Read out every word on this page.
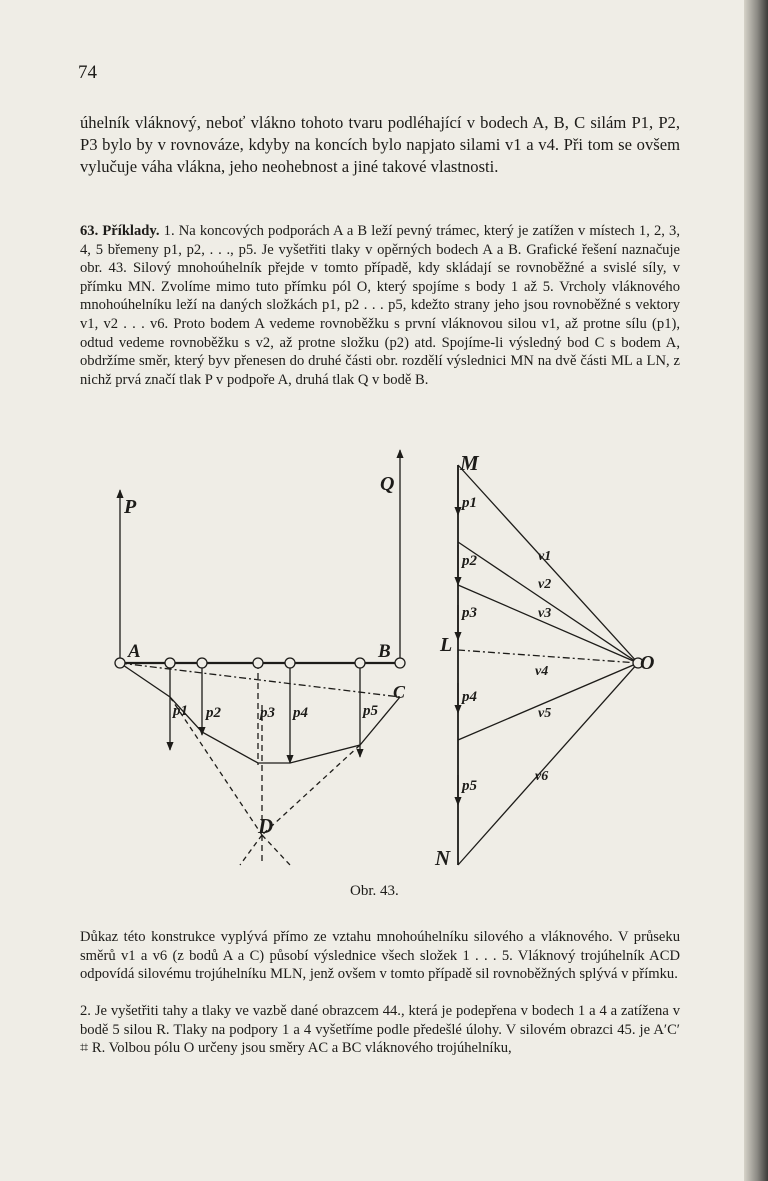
74

úhelník vláknový, neboť vlákno tohoto tvaru podléhající v bodech A, B, C silám P1, P2, P3 bylo by v rovnováze, kdyby na koncích bylo napjato silami v1 a v4. Při tom se ovšem vylučuje váha vlákna, jeho neohebnost a jiné takové vlastnosti.

63. Příklady. 1. Na koncových podporách A a B leží pevný trámec, který je zatížen v místech 1, 2, 3, 4, 5 břemeny p1, p2, . . ., p5. Je vyšetřiti tlaky v opěrných bodech A a B. Grafické řešení naznačuje obr. 43. Silový mnohoúhelník přejde v tomto případě, kdy skládají se rovnoběžné a svislé síly, v přímku MN. Zvolíme mimo tuto přímku pól O, který spojíme s body 1 až 5. Vrcholy vláknového mnohoúhelníku leží na daných složkách p1, p2 . . . p5, kdežto strany jeho jsou rovnoběžné s vektory v1, v2 . . . v6. Proto bodem A vedeme rovnoběžku s první vláknovou silou v1, až protne sílu (p1), odtud vedeme rovnoběžku s v2, až protne složku (p2) atd. Spojíme-li výsledný bod C s bodem A, obdržíme směr, který byv přenesen do druhé části obr. rozdělí výslednici MN na dvě části ML a LN, z nichž prvá značí tlak P v podpoře A, druhá tlak Q v bodě B.

P
Q
A	B
C
D
p1 p2	p3 p4	p5
M
L
N
O
p1
p2
p3
p4
p5
v1
v2
v3
v4
v5
v6
Obr. 43.

Důkaz této konstrukce vyplývá přímo ze vztahu mnohoúhelníku silového a vláknového. V průseku směrů v1 a v6 (z bodů A a C) působí výslednice všech složek 1 . . . 5. Vláknový trojúhelník ACD odpovídá silovému trojúhelníku MLN, jenž ovšem v tomto případě sil rovnoběžných splývá v přímku.

2. Je vyšetřiti tahy a tlaky ve vazbě dané obrazcem 44., která je podepřena v bodech 1 a 4 a zatížena v bodě 5 silou R. Tlaky na podpory 1 a 4 vyšetříme podle předešlé úlohy. V silovém obrazci 45. je A′C′ ⌗ R. Volbou pólu O určeny jsou směry AC a BC vláknového trojúhelníku,
